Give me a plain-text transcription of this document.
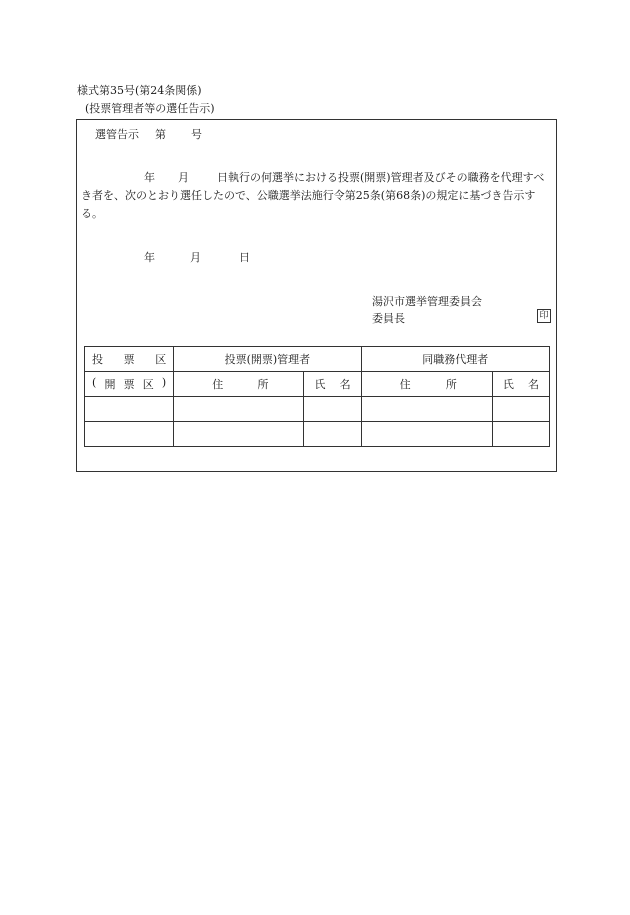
様式第35号(第24条関係)
(投票管理者等の選任告示)
選管告示 第 号
年 月	日執行の何選挙における投票(開票)管理者及びその職務を代理すべき者を、次のとおり選任したので、公職選挙法施行令第25条(第68条)の規定に基づき告示する。
年	月	日
湯沢市選挙管理委員会
委員長	印
投 票 区	投票(開票)管理者		同職務代理者	

( 開 票 区 )	住 所	氏 名	住 所	氏 名
